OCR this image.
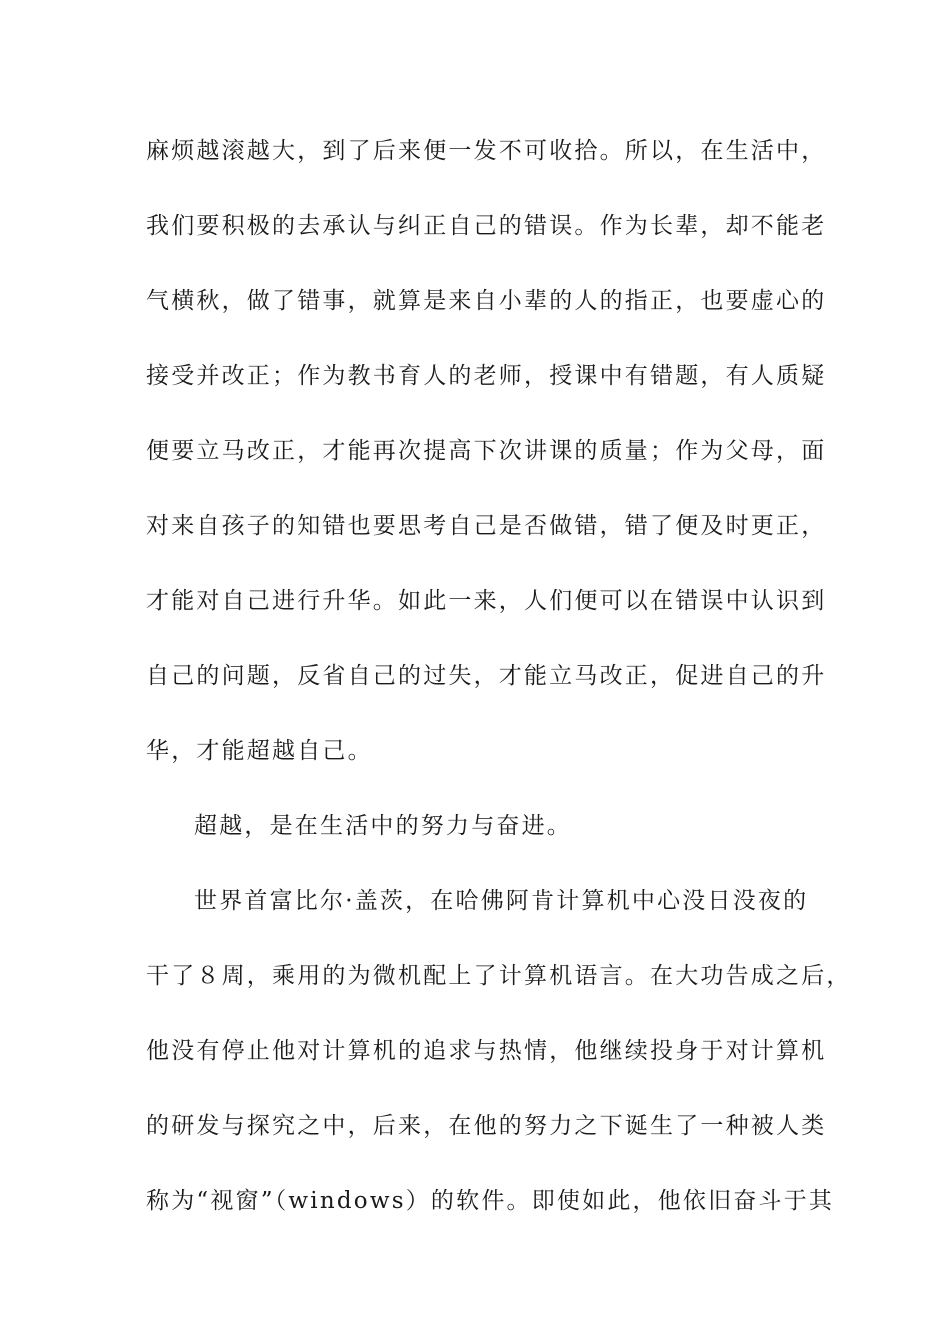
麻烦越滚越大，到了后来便一发不可收拾。所以，在生活中，
我们要积极的去承认与纠正自己的错误。作为长辈，却不能老
气横秋，做了错事，就算是来自小辈的人的指正，也要虚心的
接受并改正；作为教书育人的老师，授课中有错题，有人质疑
便要立马改正，才能再次提高下次讲课的质量；作为父母，面
对来自孩子的知错也要思考自己是否做错，错了便及时更正，
才能对自己进行升华。如此一来，人们便可以在错误中认识到
自己的问题，反省自己的过失，才能立马改正，促进自己的升
华，才能超越自己。
超越，是在生活中的努力与奋进。
世界首富比尔·盖茨，在哈佛阿肯计算机中心没日没夜的
干了８周，乘用的为微机配上了计算机语言。在大功告成之后，
他没有停止他对计算机的追求与热情，他继续投身于对计算机
的研发与探究之中，后来，在他的努力之下诞生了一种被人类
称为“视窗”（windows）的软件。即使如此，他依旧奋斗于其
